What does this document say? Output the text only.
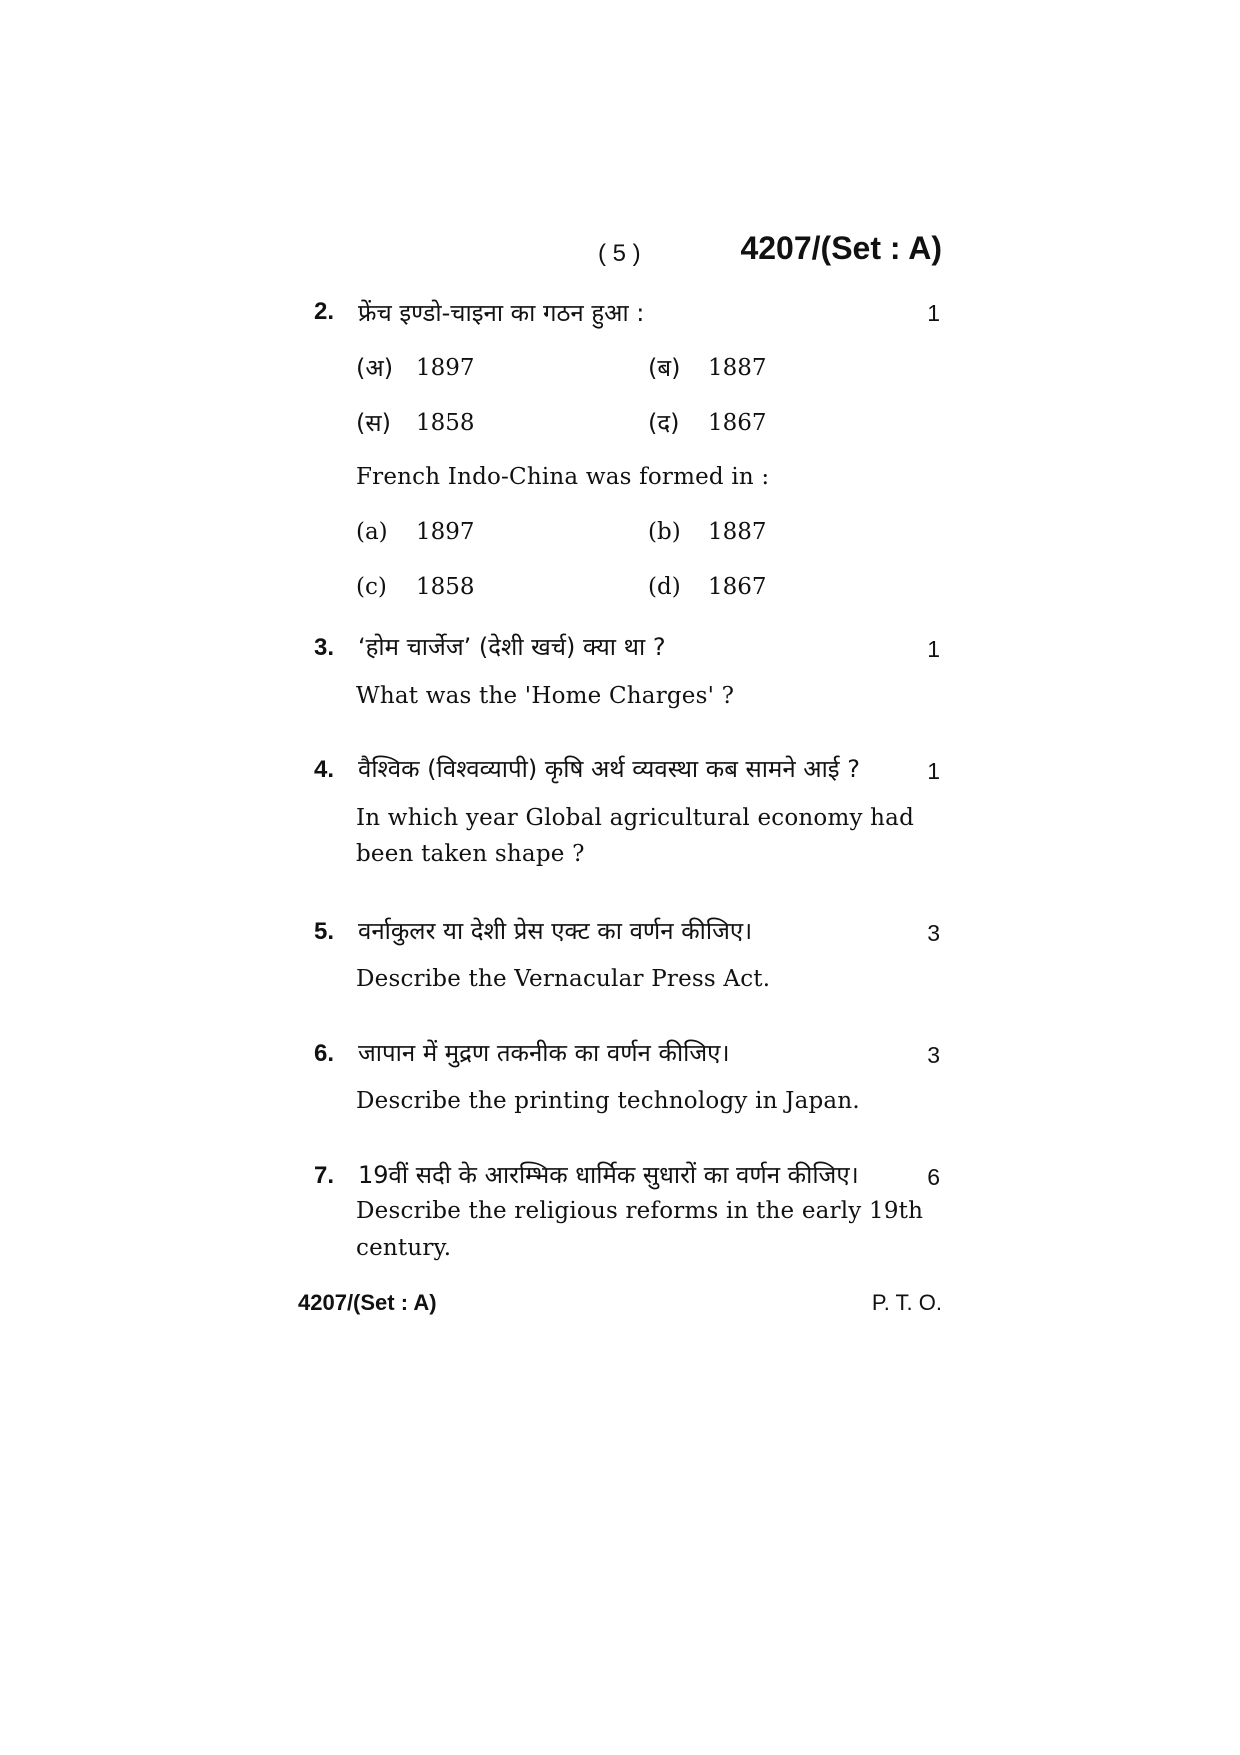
( 5 )	4207/(Set : A)
2. फ्रेंच इण्डो-चाइना का गठन हुआ :	1
(अ) 1897	(ब) 1887
(स) 1858	(द) 1867
French Indo-China was formed in :
(a) 1897	(b) 1887
(c) 1858	(d) 1867
3. ‘होम चार्जेज’ (देशी खर्च) क्या था ?	1
What was the 'Home Charges' ?
4. वैश्विक (विश्वव्यापी) कृषि अर्थ व्यवस्था कब सामने आई ?	1
In which year Global agricultural economy had
been taken shape ?
5. वर्नाकुलर या देशी प्रेस एक्ट का वर्णन कीजिए।	3
Describe the Vernacular Press Act.
6. जापान में मुद्रण तकनीक का वर्णन कीजिए।	3
Describe the printing technology in Japan.
7. 19वीं सदी के आरम्भिक धार्मिक सुधारों का वर्णन कीजिए।	6
Describe the religious reforms in the early 19th
century.
4207/(Set : A)	P. T. O.
